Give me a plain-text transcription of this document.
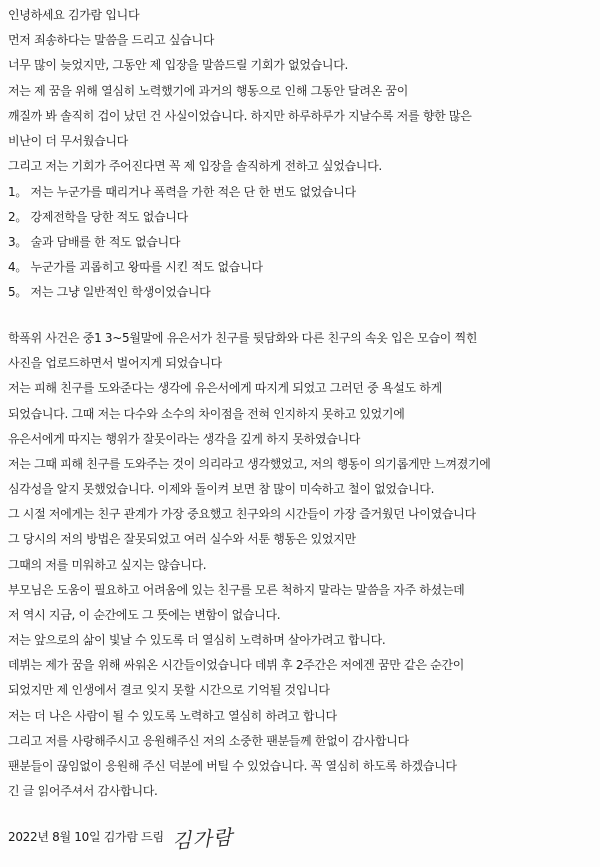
인녕하세요 김가람 입니다
먼저 죄송하다는 말씀을 드리고 싶습니다
너무 많이 늦었지만, 그동안 제 입장을 말씀드릴 기회가 없었습니다.
저는 제 꿈을 위해 열심히 노력했기에 과거의 행동으로 인해 그동안 달려온 꿈이
깨질까 봐 솔직히 겁이 났던 건 사실이었습니다. 하지만 하루하루가 지날수록 저를 향한 많은
비난이 더 무서웠습니다
그리고 저는 기회가 주어진다면 꼭 제 입장을 솔직하게 전하고 싶었습니다.
1。 저는 누군가를 때리거나 폭력을 가한 적은 단 한 번도 없었습니다
2。 강제전학을 당한 적도 없습니다
3。 술과 담배를 한 적도 없습니다
4。 누군가를 괴롭히고 왕따를 시킨 적도 없습니다
5。 저는 그냥 일반적인 학생이었습니다
학폭위 사건은 중1 3~5월말에 유은서가 친구를 뒷담화와 다른 친구의 속옷 입은 모습이 찍힌
사진을 업로드하면서 벌어지게 되었습니다
저는 피해 친구를 도와준다는 생각에 유은서에게 따지게 되었고 그러던 중 욕설도 하게
되었습니다. 그때 저는 다수와 소수의 차이점을 전혀 인지하지 못하고 있었기에
유은서에게 따지는 행위가 잘못이라는 생각을 깊게 하지 못하였습니다
저는 그때 피해 친구를 도와주는 것이 의리라고 생각했었고, 저의 행동이 의기롭게만 느껴졌기에
심각성을 알지 못했었습니다. 이제와 돌이켜 보면 참 많이 미숙하고 철이 없었습니다.
그 시절 저에게는 친구 관계가 가장 중요했고 친구와의 시간들이 가장 즐거웠던 나이였습니다
그 당시의 저의 방법은 잘못되었고 여러 실수와 서툰 행동은 있었지만
그때의 저를 미워하고 싶지는 않습니다.
부모님은 도움이 필요하고 어려움에 있는 친구를 모른 척하지 말라는 말씀을 자주 하셨는데
저 역시 지금, 이 순간에도 그 뜻에는 변함이 없습니다.
저는 앞으로의 삶이 빛날 수 있도록 더 열심히 노력하며 살아가려고 합니다.
데뷔는 제가 꿈을 위해 싸워온 시간들이었습니다 데뷔 후 2주간은 저에겐 꿈만 같은 순간이
되었지만 제 인생에서 결코 잊지 못할 시간으로 기억될 것입니다
저는 더 나은 사람이 될 수 있도록 노력하고 열심히 하려고 합니다
그리고 저를 사랑해주시고 응원해주신 저의 소중한 팬분들께 한없이 감사합니다
팬분들이 끊임없이 응원해 주신 덕분에 버틸 수 있었습니다. 꼭 열심히 하도록 하겠습니다
긴 글 읽어주셔서 감사합니다.
2022년 8월 10일 김가람 드림 김가람
